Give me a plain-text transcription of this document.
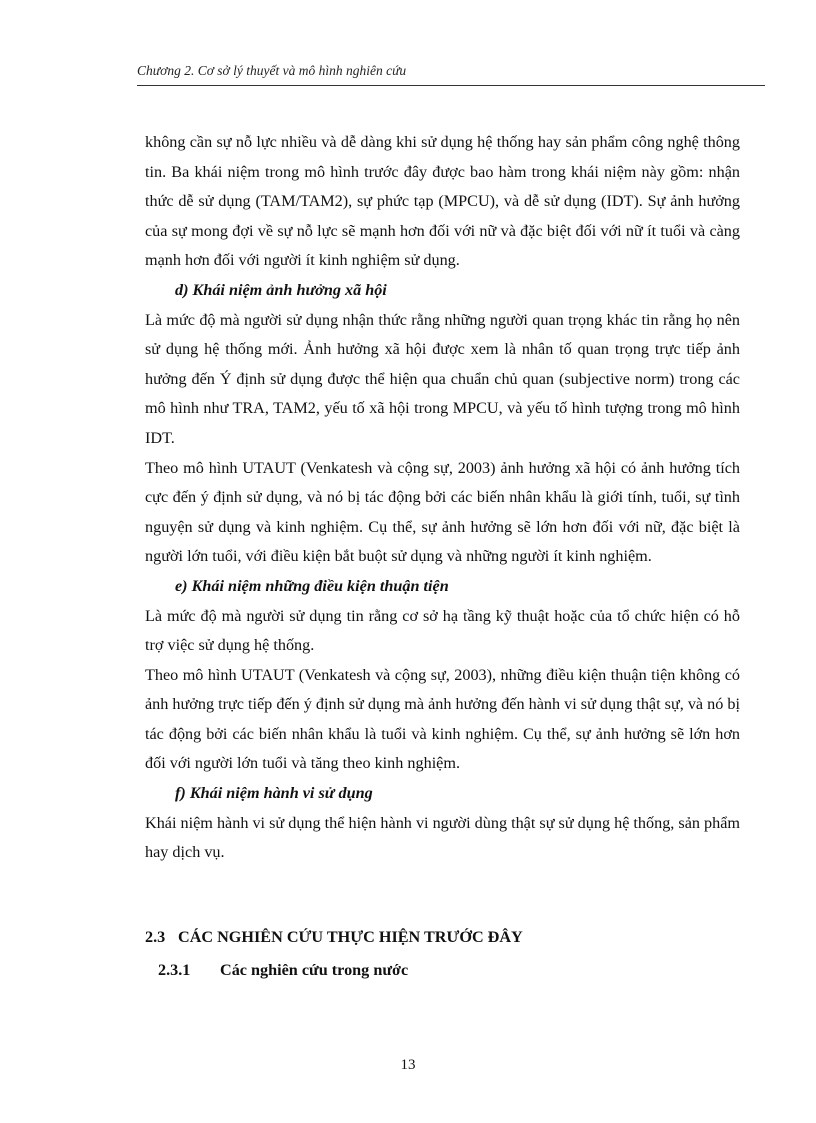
Chương 2. Cơ sở lý thuyết và mô hình nghiên cứu

không cần sự nỗ lực nhiều và dễ dàng khi sử dụng hệ thống hay sản phẩm công nghệ thông tin. Ba khái niệm trong mô hình trước đây được bao hàm trong khái niệm này gồm: nhận thức dễ sử dụng (TAM/TAM2), sự phức tạp (MPCU), và dễ sử dụng (IDT). Sự ảnh hưởng của sự mong đợi về sự nỗ lực sẽ mạnh hơn đối với nữ và đặc biệt đối với nữ ít tuổi và càng mạnh hơn đối với người ít kinh nghiệm sử dụng.

d) Khái niệm ảnh hưởng xã hội

Là mức độ mà người sử dụng nhận thức rằng những người quan trọng khác tin rằng họ nên sử dụng hệ thống mới. Ảnh hưởng xã hội được xem là nhân tố quan trọng trực tiếp ảnh hưởng đến Ý định sử dụng được thể hiện qua chuẩn chủ quan (subjective norm) trong các mô hình như TRA, TAM2, yếu tố xã hội trong MPCU, và yếu tố hình tượng trong mô hình IDT.

Theo mô hình UTAUT (Venkatesh và cộng sự, 2003) ảnh hưởng xã hội có ảnh hưởng tích cực đến ý định sử dụng, và nó bị tác động bởi các biến nhân khẩu là giới tính, tuổi, sự tình nguyện sử dụng và kinh nghiệm. Cụ thể, sự ảnh hưởng sẽ lớn hơn đối với nữ, đặc biệt là người lớn tuổi, với điều kiện bắt buột sử dụng và những người ít kinh nghiệm.

e) Khái niệm những điều kiện thuận tiện

Là mức độ mà người sử dụng tin rằng cơ sở hạ tầng kỹ thuật hoặc của tổ chức hiện có hỗ trợ việc sử dụng hệ thống.

Theo mô hình UTAUT (Venkatesh và cộng sự, 2003), những điều kiện thuận tiện không có ảnh hưởng trực tiếp đến ý định sử dụng mà ảnh hưởng đến hành vi sử dụng thật sự, và nó bị tác động bởi các biến nhân khẩu là tuổi và kinh nghiệm. Cụ thể, sự ảnh hưởng sẽ lớn hơn đối với người lớn tuổi và tăng theo kinh nghiệm.

f) Khái niệm hành vi sử dụng

Khái niệm hành vi sử dụng thể hiện hành vi người dùng thật sự sử dụng hệ thống, sản phẩm hay dịch vụ.

2.3 CÁC NGHIÊN CỨU THỰC HIỆN TRƯỚC ĐÂY
2.3.1 Các nghiên cứu trong nước
13
